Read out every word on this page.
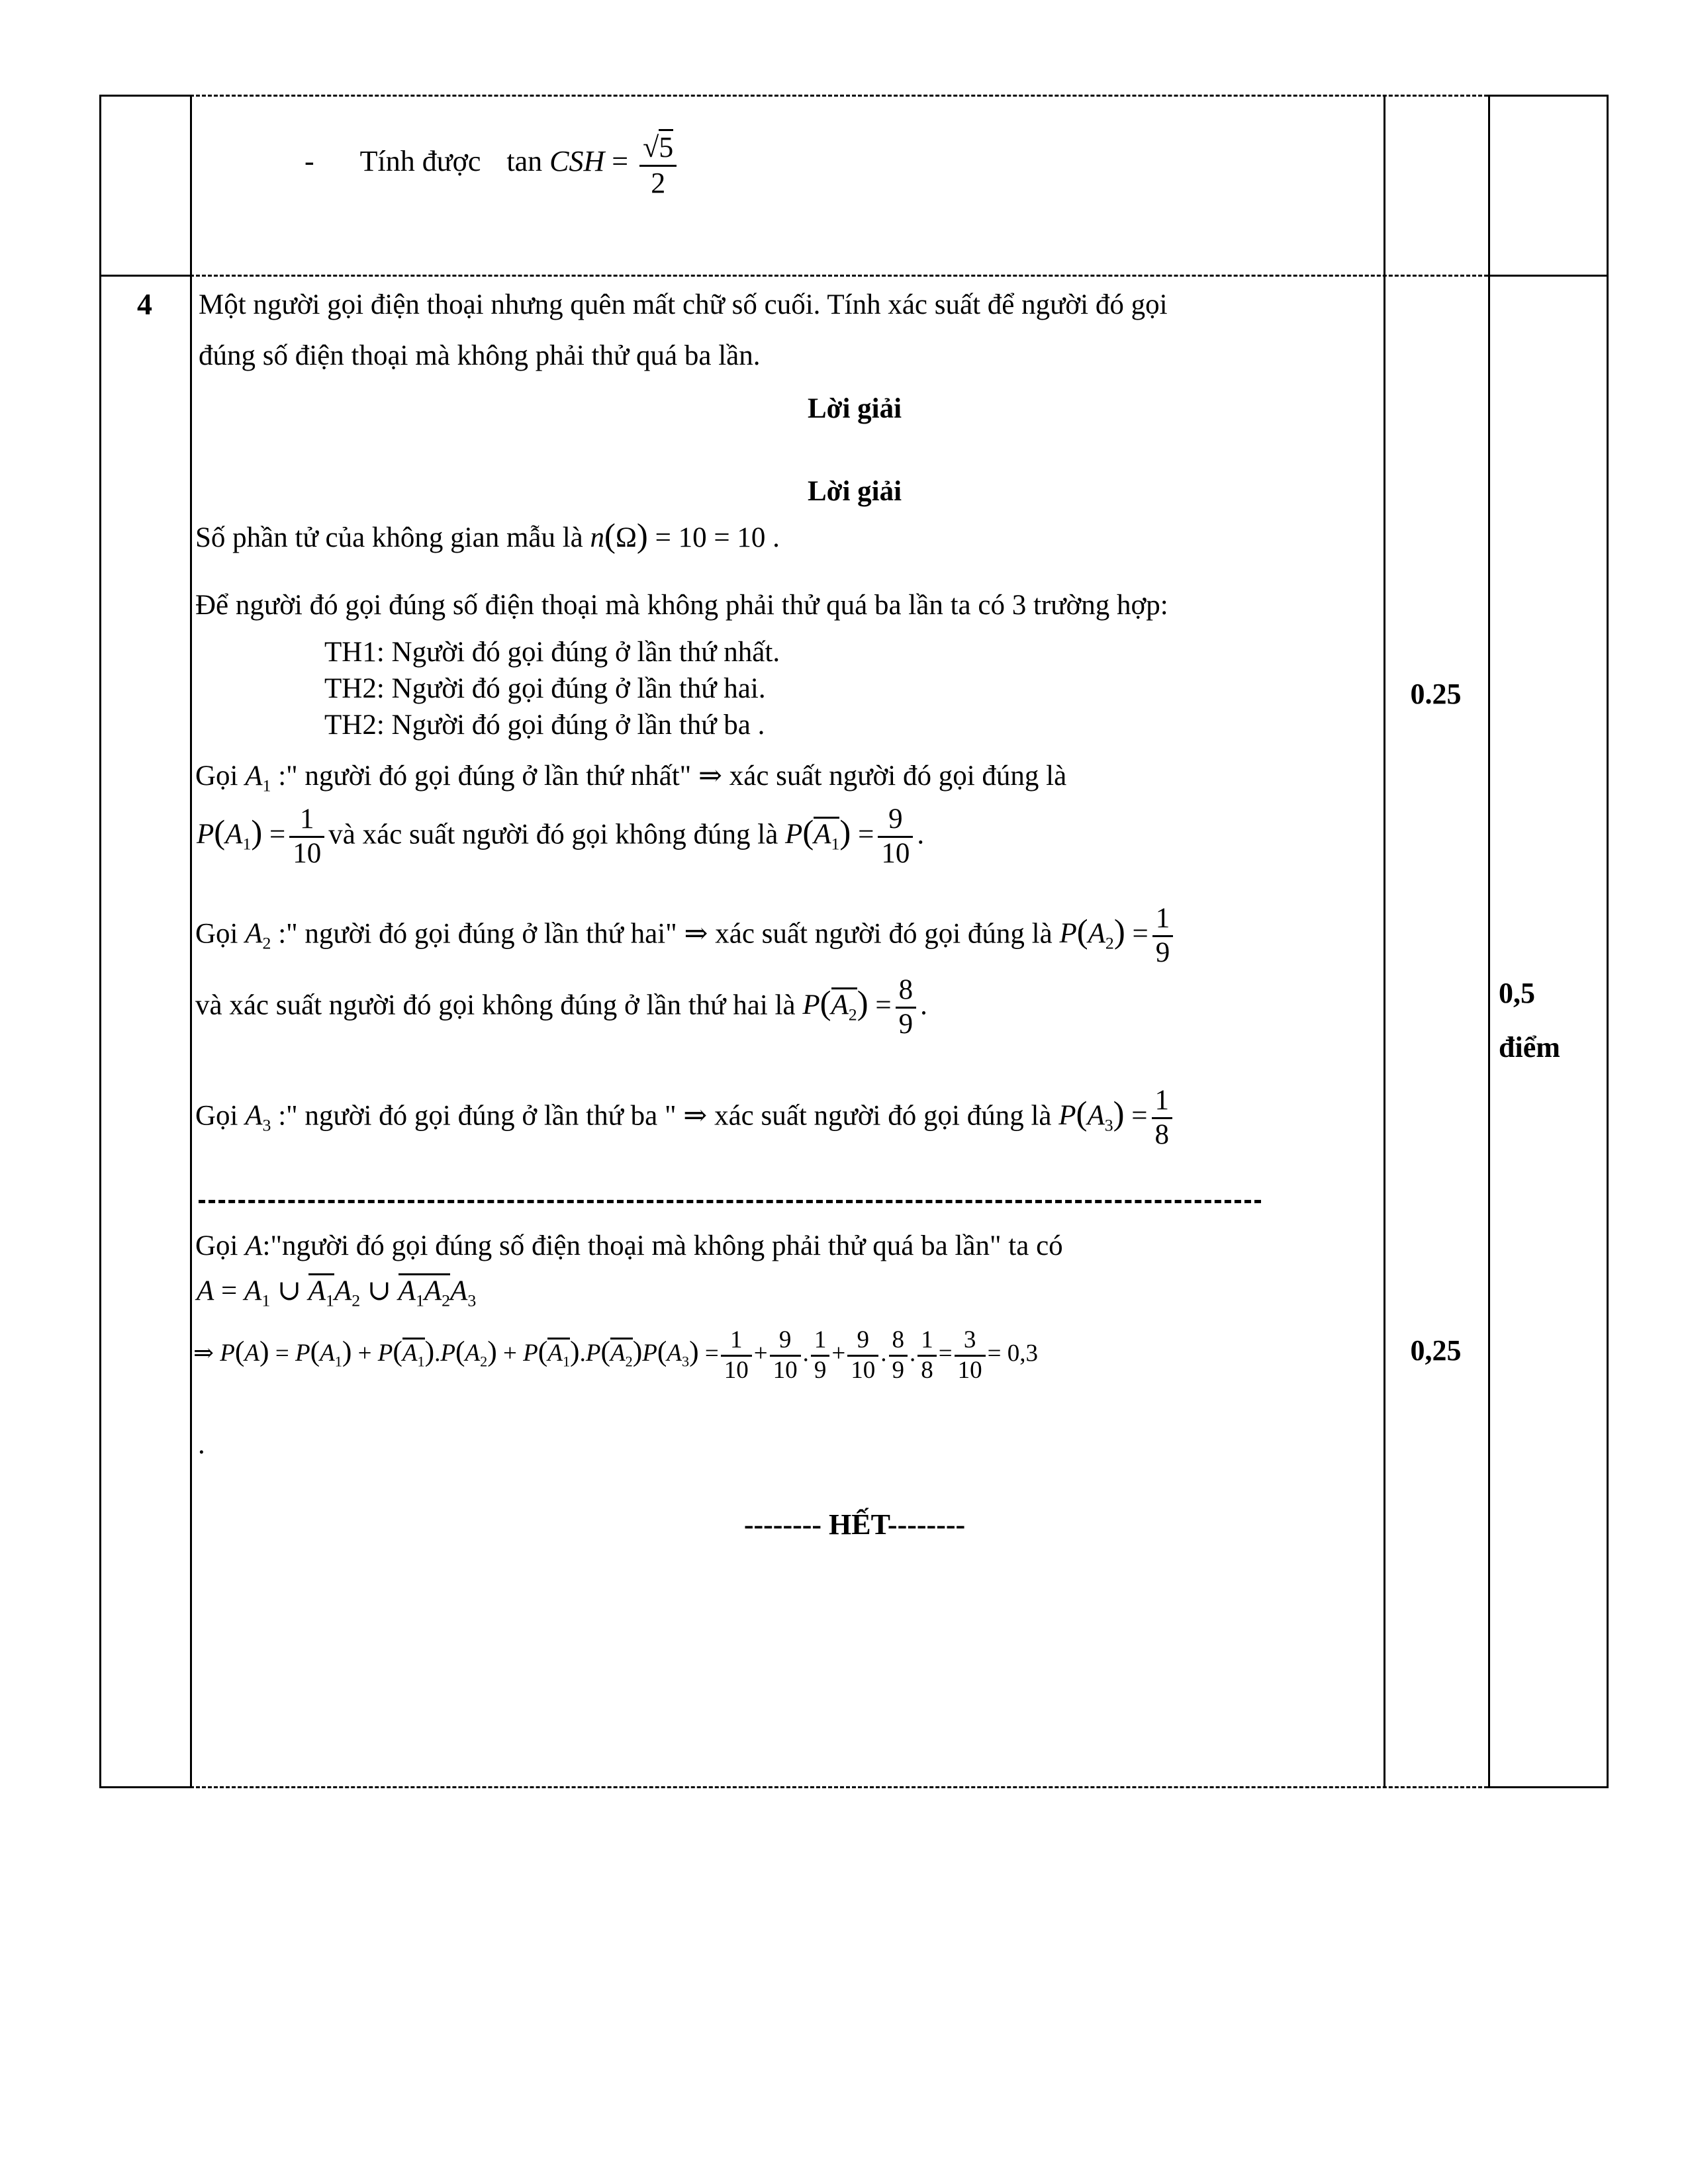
- Tính được tan CSH = $\frac{√5}{2}$
4	Một người gọi điện thoại nhưng quên mất chữ số cuối. Tính xác suất để người đó gọi
đúng số điện thoại mà không phải thử quá ba lần.
Lời giải
Lời giải
Số phần tử của không gian mẫu là n(Ω) = 10 = 10 .
Để người đó gọi đúng số điện thoại mà không phải thử quá ba lần ta có 3 trường hợp:
TH1: Người đó gọi đúng ở lần thứ nhất.
TH2: Người đó gọi đúng ở lần thứ hai.
TH2: Người đó gọi đúng ở lần thứ ba .
Gọi $A_1$ :" người đó gọi đúng ở lần thứ nhất" ⇒ xác suất người đó gọi đúng là
$P(A_1) = \frac{1}{10}$ và xác suất người đó gọi không đúng là $P(A_1) = \frac{9}{10}$ .
Gọi $A_2$ :" người đó gọi đúng ở lần thứ hai" ⇒ xác suất người đó gọi đúng là $P(A_2) = \frac{1}{9}$
và xác suất người đó gọi không đúng ở lần thứ hai là $P(A_2) = \frac{8}{9}$ .
Gọi $A_3$ :" người đó gọi đúng ở lần thứ ba " ⇒ xác suất người đó gọi đúng là $P(A_3) = \frac{1}{8}$
Gọi A:"người đó gọi đúng số điện thoại mà không phải thử quá ba lần" ta có
$A = A_1$ ∪ $A_1A_2$ ∪ $A_1A_2A_3$
⇒ $P(A) = P(A_1) + P(A_1).P(A_2) + P(A_1).P(A_2)P(A_3) = \frac{1}{10} + \frac{9}{10}$ . $\frac{1}{9} + \frac{9}{10}$ . $\frac{8}{9}$ . $\frac{1}{8} = \frac{3}{10} = 0,3$
.
-------- HẾT--------
0.25
0,25
0,5
điểm
